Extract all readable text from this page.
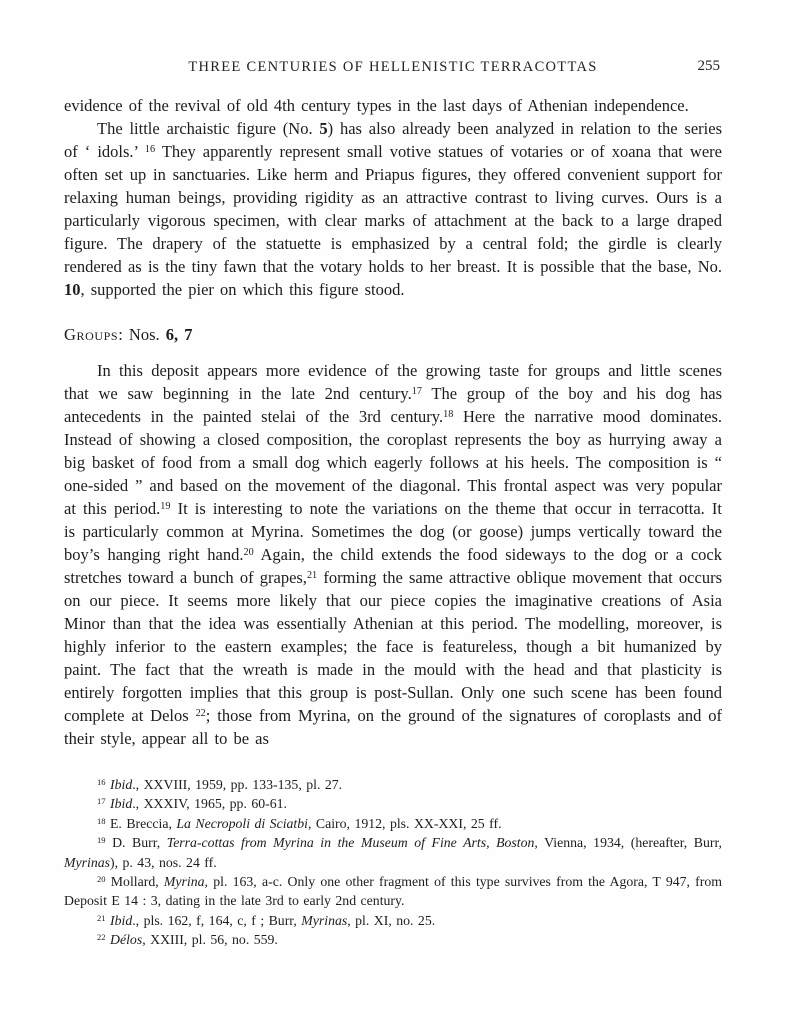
THREE CENTURIES OF HELLENISTIC TERRACOTTAS	255

evidence of the revival of old 4th century types in the last days of Athenian independence.

The little archaistic figure (No. 5) has also already been analyzed in relation to the series of ‘ idols.’ $^{16}$ They apparently represent small votive statues of votaries or of xoana that were often set up in sanctuaries. Like herm and Priapus figures, they offered convenient support for relaxing human beings, providing rigidity as an attractive contrast to living curves. Ours is a particularly vigorous specimen, with clear marks of attachment at the back to a large draped figure. The drapery of the statuette is emphasized by a central fold; the girdle is clearly rendered as is the tiny fawn that the votary holds to her breast. It is possible that the base, No. 10, supported the pier on which this figure stood.

Groups: Nos. 6, 7

In this deposit appears more evidence of the growing taste for groups and little scenes that we saw beginning in the late 2nd century.$^{17}$ The group of the boy and his dog has antecedents in the painted stelai of the 3rd century.$^{18}$ Here the narrative mood dominates. Instead of showing a closed composition, the coroplast represents the boy as hurrying away a big basket of food from a small dog which eagerly follows at his heels. The composition is “ one-sided ” and based on the movement of the diagonal. This frontal aspect was very popular at this period.$^{19}$ It is interesting to note the variations on the theme that occur in terracotta. It is particularly common at Myrina. Sometimes the dog (or goose) jumps vertically toward the boy’s hanging right hand.$^{20}$ Again, the child extends the food sideways to the dog or a cock stretches toward a bunch of grapes,$^{21}$ forming the same attractive oblique movement that occurs on our piece. It seems more likely that our piece copies the imaginative creations of Asia Minor than that the idea was essentially Athenian at this period. The modelling, moreover, is highly inferior to the eastern examples; the face is featureless, though a bit humanized by paint. The fact that the wreath is made in the mould with the head and that plasticity is entirely forgotten implies that this group is post-Sullan. Only one such scene has been found complete at Delos $^{22}$; those from Myrina, on the ground of the signatures of coroplasts and of their style, appear all to be as

$^{16}$ Ibid., XXVIII, 1959, pp. 133-135, pl. 27.

$^{17}$ Ibid., XXXIV, 1965, pp. 60-61.

$^{18}$ E. Breccia, La Necropoli di Sciatbi, Cairo, 1912, pls. XX-XXI, 25 ff.

$^{19}$ D. Burr, Terra-cottas from Myrina in the Museum of Fine Arts, Boston, Vienna, 1934, (hereafter, Burr, Myrinas), p. 43, nos. 24 ff.

$^{20}$ Mollard, Myrina, pl. 163, a-c. Only one other fragment of this type survives from the Agora, T 947, from Deposit E 14 : 3, dating in the late 3rd to early 2nd century.

$^{21}$ Ibid., pls. 162, f, 164, c, f ; Burr, Myrinas, pl. XI, no. 25.

$^{22}$ Délos, XXIII, pl. 56, no. 559.
